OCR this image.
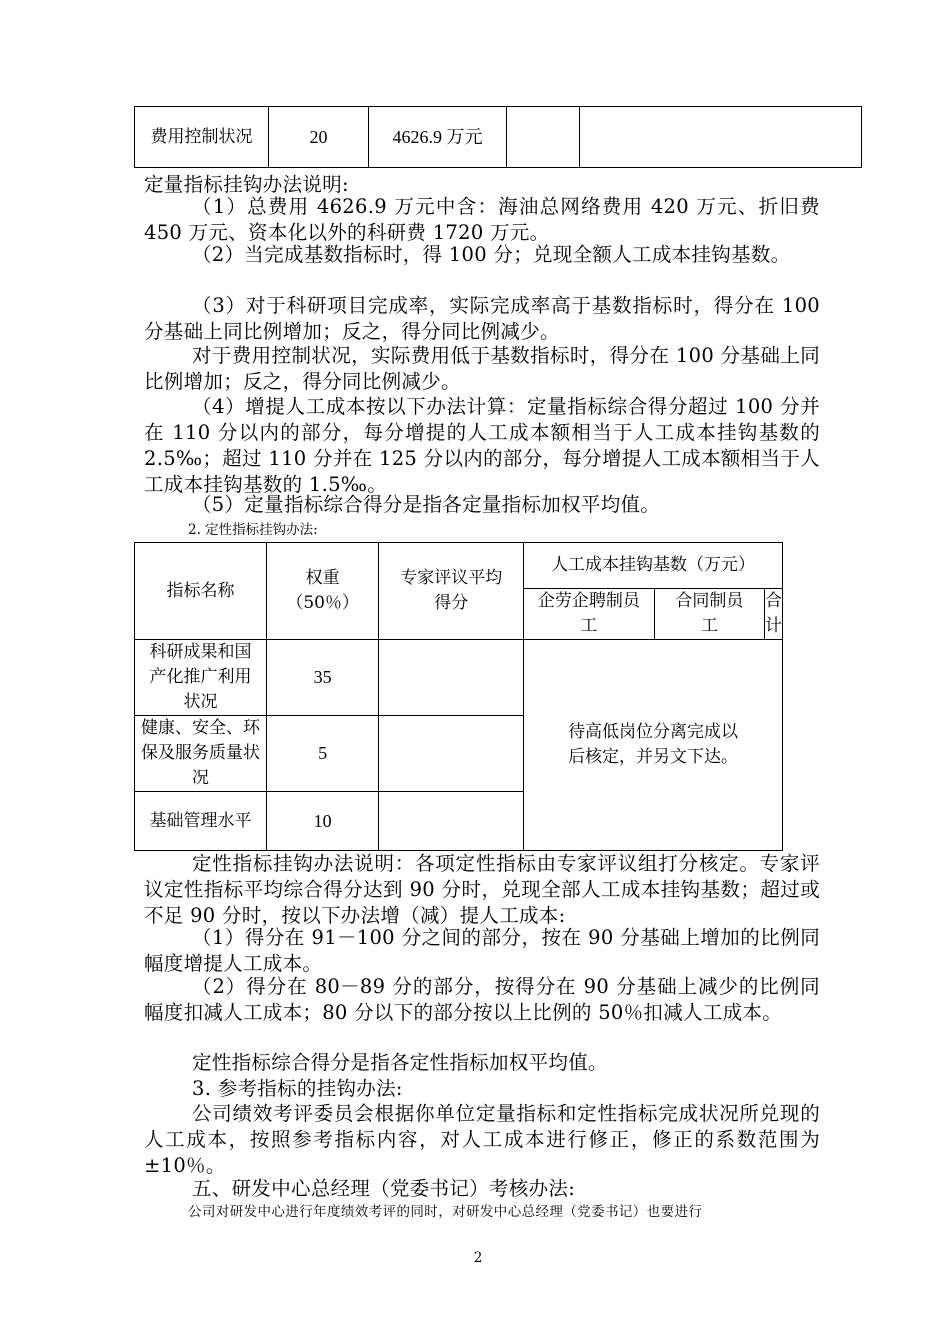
费用控制状况	20	4626.9 万元		

定量指标挂钩办法说明:

（1）总费用 4626.9 万元中含：海油总网络费用 420 万元、折旧费 450 万元、资本化以外的科研费 1720 万元。

（2）当完成基数指标时，得 100 分；兑现全额人工成本挂钩基数。

（3）对于科研项目完成率，实际完成率高于基数指标时，得分在 100 分基础上同比例增加；反之，得分同比例减少。

对于费用控制状况，实际费用低于基数指标时，得分在 100 分基础上同比例增加；反之，得分同比例减少。

（4）增提人工成本按以下办法计算：定量指标综合得分超过 100 分并在 110 分以内的部分，每分增提的人工成本额相当于人工成本挂钩基数的 2.5‰；超过 110 分并在 125 分以内的部分，每分增提人工成本额相当于人工成本挂钩基数的 1.5‰。

（5）定量指标综合得分是指各定量指标加权平均值。

2. 定性指标挂钩办法:
指标名称	权重（50％）	专家评议平均得分	人工成本挂钩基数（万元）		
			企劳企聘制员工	合同制员工	合计
科研成果和国产化推广利用状况	35		待高低岗位分离完成以后核定，并另文下达。		
健康、安全、环保及服务质量状况	5				
基础管理水平	10				

定性指标挂钩办法说明：各项定性指标由专家评议组打分核定。专家评议定性指标平均综合得分达到 90 分时，兑现全部人工成本挂钩基数；超过或不足 90 分时，按以下办法增（减）提人工成本:

（1）得分在 91－100 分之间的部分，按在 90 分基础上增加的比例同幅度增提人工成本。

（2）得分在 80－89 分的部分，按得分在 90 分基础上减少的比例同幅度扣减人工成本；80 分以下的部分按以上比例的 50％扣减人工成本。

定性指标综合得分是指各定性指标加权平均值。

3. 参考指标的挂钩办法:

公司绩效考评委员会根据你单位定量指标和定性指标完成状况所兑现的人工成本，按照参考指标内容，对人工成本进行修正，修正的系数范围为±10％。

五、研发中心总经理（党委书记）考核办法:

公司对研发中心进行年度绩效考评的同时，对研发中心总经理（党委书记）也要进行
2
